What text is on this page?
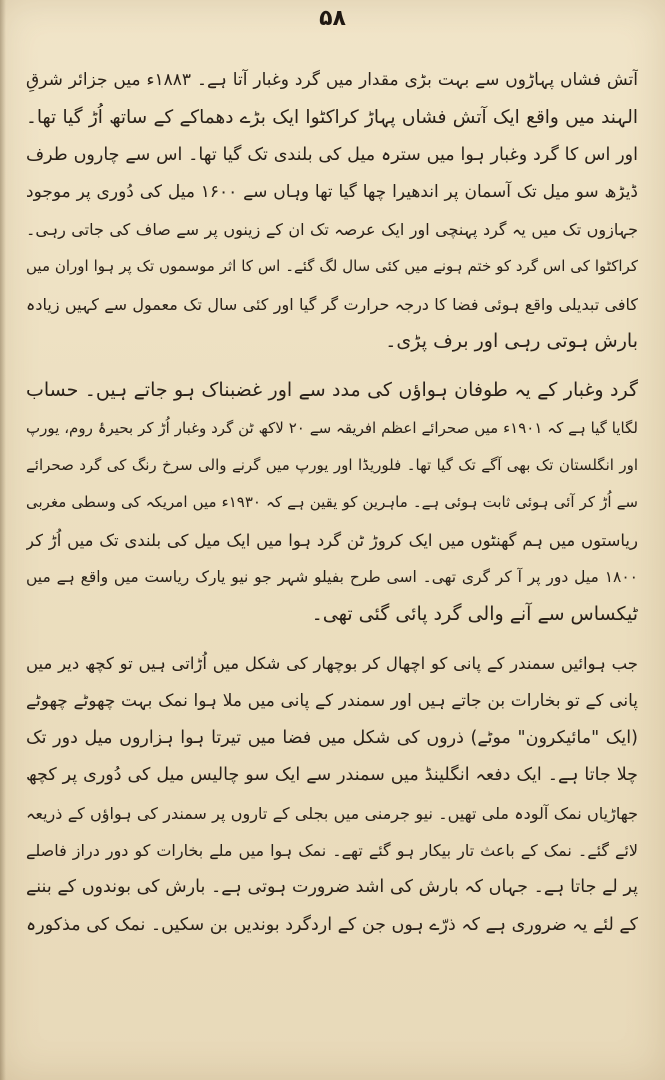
۵۸
آتش فشاں پہاڑوں سے بہت بڑی مقدار میں گرد وغبار آتا ہے۔ ۱۸۸۳ء میں جزائر شرقِ
الہند میں واقع ایک آتش فشاں پہاڑ کراکٹوا ایک بڑے دھماکے کے ساتھ اُڑ گیا تھا۔
اور اس کا گرد وغبار ہوا میں سترہ میل کی بلندی تک گیا تھا۔ اس سے چاروں طرف
ڈیڑھ سو میل تک آسمان پر اندھیرا چھا گیا تھا وہاں سے ۱۶۰۰ میل کی دُوری پر موجود
جہازوں تک میں یہ گرد پہنچی اور ایک عرصہ تک ان کے زینوں پر سے صاف کی جاتی رہی۔
کراکٹوا کی اس گرد کو ختم ہونے میں کئی سال لگ گئے۔ اس کا اثر موسموں تک پر ہوا اوران میں
کافی تبدیلی واقع ہوئی فضا کا درجہ حرارت گر گیا اور کئی سال تک معمول سے کہیں زیادہ
بارش ہوتی رہی اور برف پڑی۔
گرد وغبار کے یہ طوفان ہواؤں کی مدد سے اور غضبناک ہو جاتے ہیں۔ حساب
لگایا گیا ہے کہ ۱۹۰۱ء میں صحرائے اعظم افریقہ سے ۲۰ لاکھ ٹن گرد وغبار اُڑ کر بحیرۂ روم، یورپ
اور انگلستان تک بھی آگے تک گیا تھا۔ فلوریڈا اور یورپ میں گرنے والی سرخ رنگ کی گرد صحرائے
سے اُڑ کر آئی ہوئی ثابت ہوئی ہے۔ ماہرین کو یقین ہے کہ ۱۹۳۰ء میں امریکہ کی وسطی مغربی
ریاستوں میں ہم گھنٹوں میں ایک کروڑ ٹن گرد ہوا میں ایک میل کی بلندی تک میں اُڑ کر
۱۸۰۰ میل دور پر آ کر گری تھی۔ اسی طرح بفیلو شہر جو نیو یارک ریاست میں واقع ہے میں
ٹیکساس سے آنے والی گرد پائی گئی تھی۔
جب ہوائیں سمندر کے پانی کو اچھال کر بوچھار کی شکل میں اُڑاتی ہیں تو کچھ دیر میں
پانی کے تو بخارات بن جاتے ہیں اور سمندر کے پانی میں ملا ہوا نمک بہت چھوٹے چھوٹے
(ایک "مائیکرون" موٹے) ذروں کی شکل میں فضا میں تیرتا ہوا ہزاروں میل دور تک
چلا جاتا ہے۔ ایک دفعہ انگلینڈ میں سمندر سے ایک سو چالیس میل کی دُوری پر کچھ
جھاڑیاں نمک آلودہ ملی تھیں۔ نیو جرمنی میں بجلی کے تاروں پر سمندر کی ہواؤں کے ذریعہ
لائے گئے۔ نمک کے باعث تار بیکار ہو گئے تھے۔ نمک ہوا میں ملے بخارات کو دور دراز فاصلے
پر لے جاتا ہے۔ جہاں کہ بارش کی اشد ضرورت ہوتی ہے۔ بارش کی بوندوں کے بننے
کے لئے یہ ضروری ہے کہ ذرّے ہوں جن کے اردگرد بوندیں بن سکیں۔ نمک کی مذکورہ
